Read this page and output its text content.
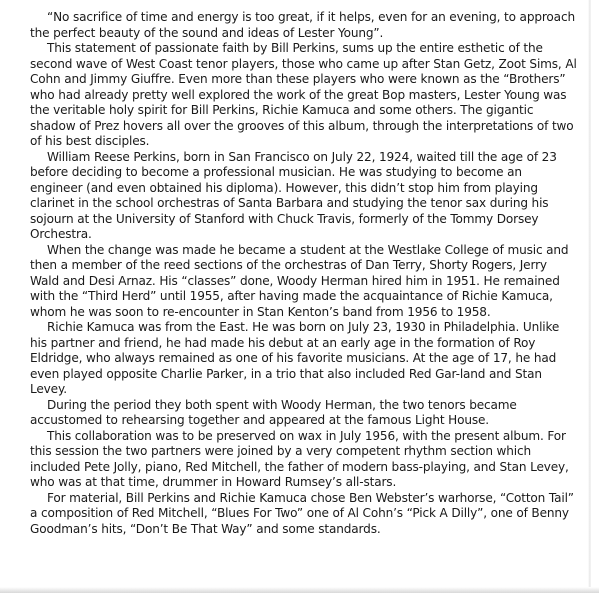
“No sacrifice of time and energy is too great, if it helps, even for an evening, to approach the perfect beauty of the sound and ideas of Lester Young”.

This statement of passionate faith by Bill Perkins, sums up the entire esthetic of the second wave of West Coast tenor players, those who came up after Stan Getz, Zoot Sims, Al Cohn and Jimmy Giuffre. Even more than these players who were known as the “Brothers” who had already pretty well explored the work of the great Bop masters, Lester Young was the veritable holy spirit for Bill Perkins, Richie Kamuca and some others. The gigantic shadow of Prez hovers all over the grooves of this album, through the interpretations of two of his best disciples.

William Reese Perkins, born in San Francisco on July 22, 1924, waited till the age of 23 before deciding to become a professional musician. He was studying to become an engineer (and even obtained his diploma). However, this didn’t stop him from playing clarinet in the school orchestras of Santa Barbara and studying the tenor sax during his sojourn at the University of Stanford with Chuck Travis, formerly of the Tommy Dorsey Orchestra.

When the change was made he became a student at the Westlake College of music and then a member of the reed sections of the orchestras of Dan Terry, Shorty Rogers, Jerry Wald and Desi Arnaz. His “classes” done, Woody Herman hired him in 1951. He remained with the “Third Herd” until 1955, after having made the acquaintance of Richie Kamuca, whom he was soon to re-encounter in Stan Kenton’s band from 1956 to 1958.

Richie Kamuca was from the East. He was born on July 23, 1930 in Philadelphia. Unlike his partner and friend, he had made his debut at an early age in the formation of Roy Eldridge, who always remained as one of his favorite musicians. At the age of 17, he had even played opposite Charlie Parker, in a trio that also included Red Gar-land and Stan Levey.

During the period they both spent with Woody Herman, the two tenors became accustomed to rehearsing together and appeared at the famous Light House.

This collaboration was to be preserved on wax in July 1956, with the present album. For this session the two partners were joined by a very competent rhythm section which included Pete Jolly, piano, Red Mitchell, the father of modern bass-playing, and Stan Levey, who was at that time, drummer in Howard Rumsey’s all-stars.

For material, Bill Perkins and Richie Kamuca chose Ben Webster’s warhorse, “Cotton Tail” a composition of Red Mitchell, “Blues For Two” one of Al Cohn’s “Pick A Dilly”, one of Benny Goodman’s hits, “Don’t Be That Way” and some standards.
